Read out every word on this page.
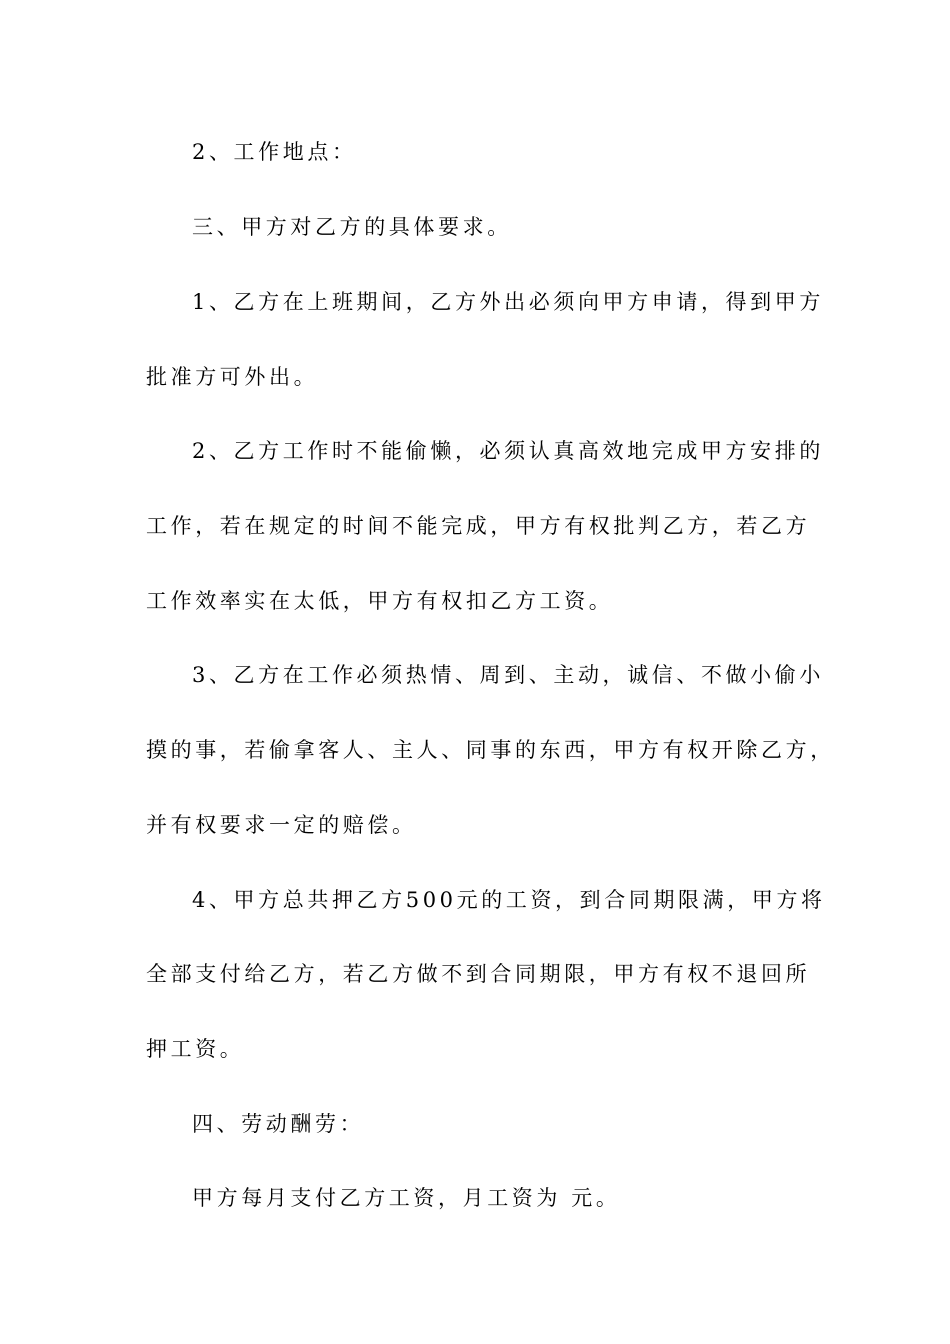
2、工作地点：
三、甲方对乙方的具体要求。
1、乙方在上班期间，乙方外出必须向甲方申请，得到甲方
批准方可外出。
2、乙方工作时不能偷懒，必须认真高效地完成甲方安排的
工作，若在规定的时间不能完成，甲方有权批判乙方，若乙方
工作效率实在太低，甲方有权扣乙方工资。
3、乙方在工作必须热情、周到、主动，诚信、不做小偷小
摸的事，若偷拿客人、主人、同事的东西，甲方有权开除乙方，
并有权要求一定的赔偿。
4、甲方总共押乙方500元的工资，到合同期限满，甲方将
全部支付给乙方，若乙方做不到合同期限，甲方有权不退回所
押工资。
四、劳动酬劳：
甲方每月支付乙方工资，月工资为 元。
